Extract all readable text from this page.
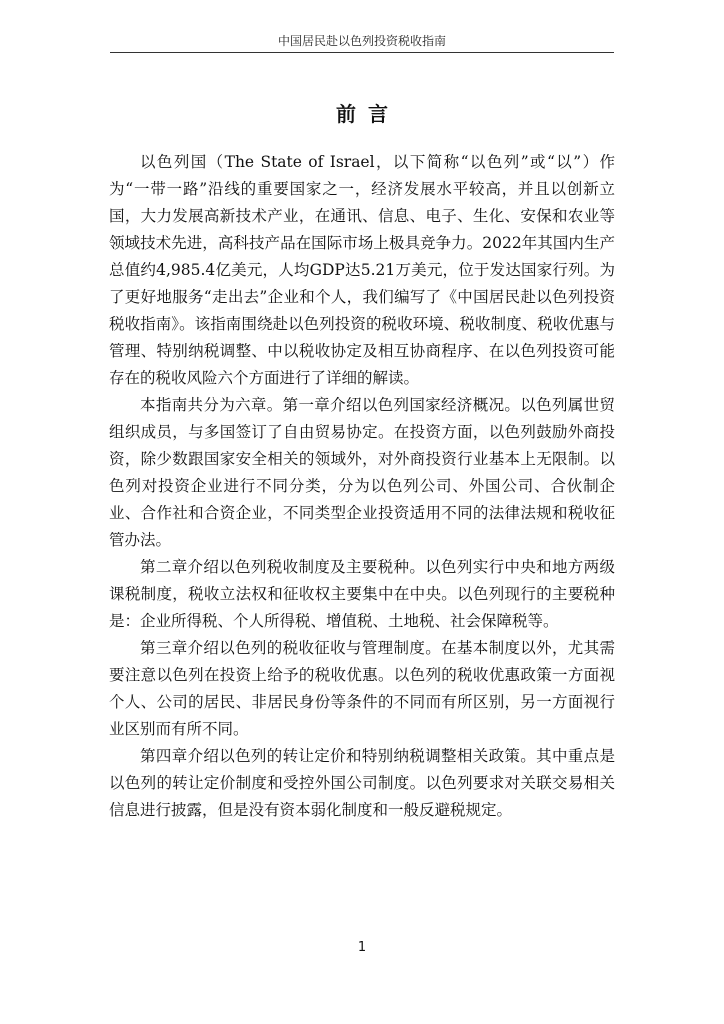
中国居民赴以色列投资税收指南
前言

以色列国（The State of Israel，以下简称“以色列”或“以”）作为“一带一路”沿线的重要国家之一，经济发展水平较高，并且以创新立国，大力发展高新技术产业，在通讯、信息、电子、生化、安保和农业等领域技术先进，高科技产品在国际市场上极具竞争力。2022年其国内生产总值约4,985.4亿美元，人均GDP达5.21万美元，位于发达国家行列。为了更好地服务“走出去”企业和个人，我们编写了《中国居民赴以色列投资税收指南》。该指南围绕赴以色列投资的税收环境、税收制度、税收优惠与管理、特别纳税调整、中以税收协定及相互协商程序、在以色列投资可能存在的税收风险六个方面进行了详细的解读。

本指南共分为六章。第一章介绍以色列国家经济概况。以色列属世贸组织成员，与多国签订了自由贸易协定。在投资方面，以色列鼓励外商投资，除少数跟国家安全相关的领域外，对外商投资行业基本上无限制。以色列对投资企业进行不同分类，分为以色列公司、外国公司、合伙制企业、合作社和合资企业，不同类型企业投资适用不同的法律法规和税收征管办法。

第二章介绍以色列税收制度及主要税种。以色列实行中央和地方两级课税制度，税收立法权和征收权主要集中在中央。以色列现行的主要税种是：企业所得税、个人所得税、增值税、土地税、社会保障税等。

第三章介绍以色列的税收征收与管理制度。在基本制度以外，尤其需要注意以色列在投资上给予的税收优惠。以色列的税收优惠政策一方面视个人、公司的居民、非居民身份等条件的不同而有所区别，另一方面视行业区别而有所不同。

第四章介绍以色列的转让定价和特别纳税调整相关政策。其中重点是以色列的转让定价制度和受控外国公司制度。以色列要求对关联交易相关信息进行披露，但是没有资本弱化制度和一般反避税规定。

1
